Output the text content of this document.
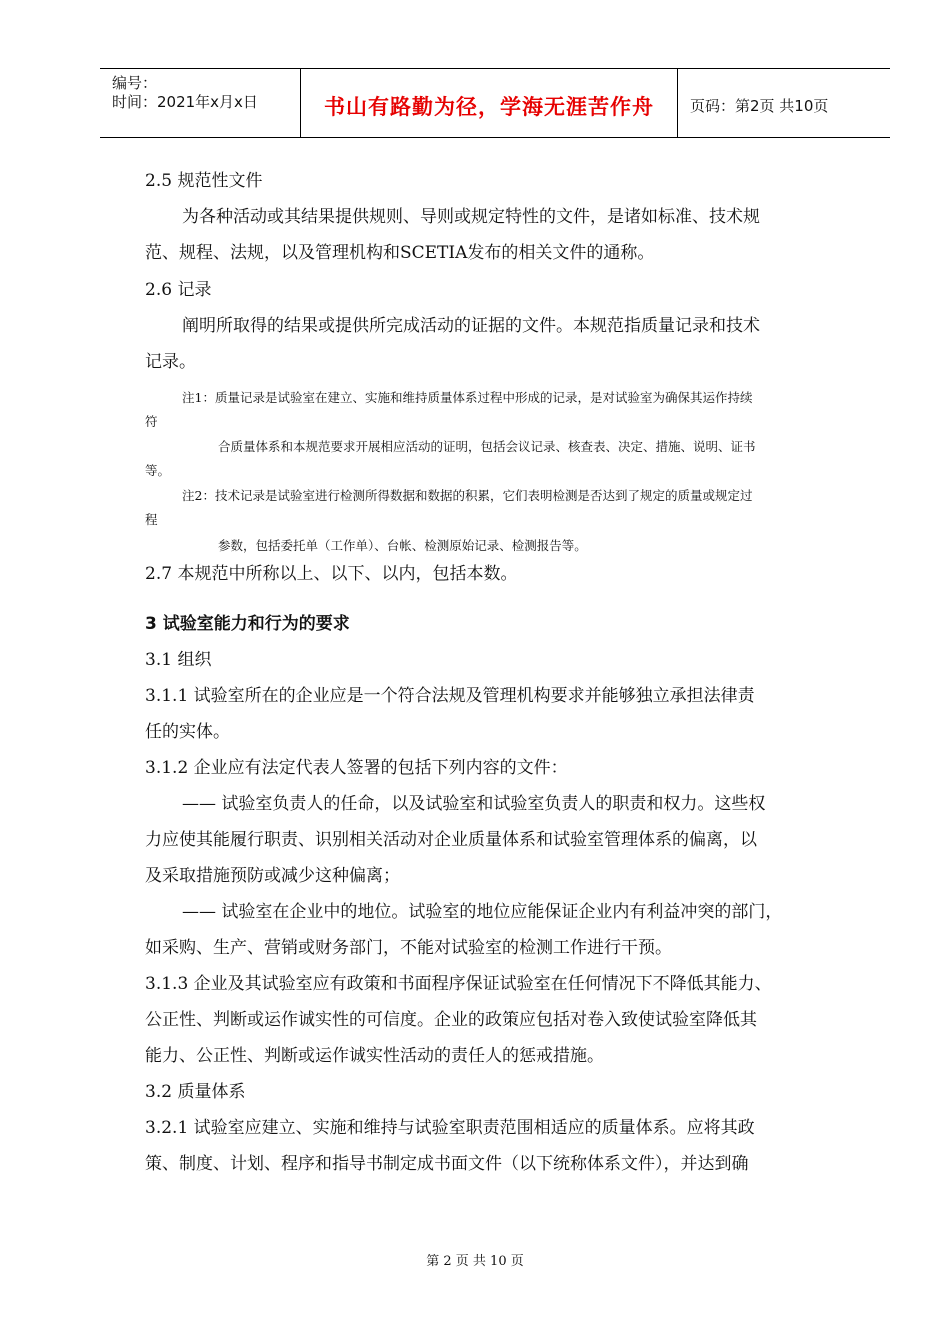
编号：
时间：2021年x月x日	书山有路勤为径，学海无涯苦作舟	页码：第2页 共10页
2.5 规范性文件
为各种活动或其结果提供规则、导则或规定特性的文件，是诸如标准、技术规
范、规程、法规，以及管理机构和SCETIA发布的相关文件的通称。
2.6 记录
阐明所取得的结果或提供所完成活动的证据的文件。本规范指质量记录和技术
记录。
注1：质量记录是试验室在建立、实施和维持质量体系过程中形成的记录，是对试验室为确保其运作持续
符
合质量体系和本规范要求开展相应活动的证明，包括会议记录、核查表、决定、措施、说明、证书
等。
注2：技术记录是试验室进行检测所得数据和数据的积累，它们表明检测是否达到了规定的质量或规定过
程
参数，包括委托单（工作单）、台帐、检测原始记录、检测报告等。
2.7 本规范中所称以上、以下、以内，包括本数。
3 试验室能力和行为的要求
3.1 组织
3.1.1 试验室所在的企业应是一个符合法规及管理机构要求并能够独立承担法律责
任的实体。
3.1.2 企业应有法定代表人签署的包括下列内容的文件：
—— 试验室负责人的任命，以及试验室和试验室负责人的职责和权力。这些权
力应使其能履行职责、识别相关活动对企业质量体系和试验室管理体系的偏离，以
及采取措施预防或减少这种偏离；
—— 试验室在企业中的地位。试验室的地位应能保证企业内有利益冲突的部门，
如采购、生产、营销或财务部门，不能对试验室的检测工作进行干预。
3.1.3 企业及其试验室应有政策和书面程序保证试验室在任何情况下不降低其能力、
公正性、判断或运作诚实性的可信度。企业的政策应包括对卷入致使试验室降低其
能力、公正性、判断或运作诚实性活动的责任人的惩戒措施。
3.2 质量体系
3.2.1 试验室应建立、实施和维持与试验室职责范围相适应的质量体系。应将其政
策、制度、计划、程序和指导书制定成书面文件（以下统称体系文件），并达到确
第 2 页 共 10 页
